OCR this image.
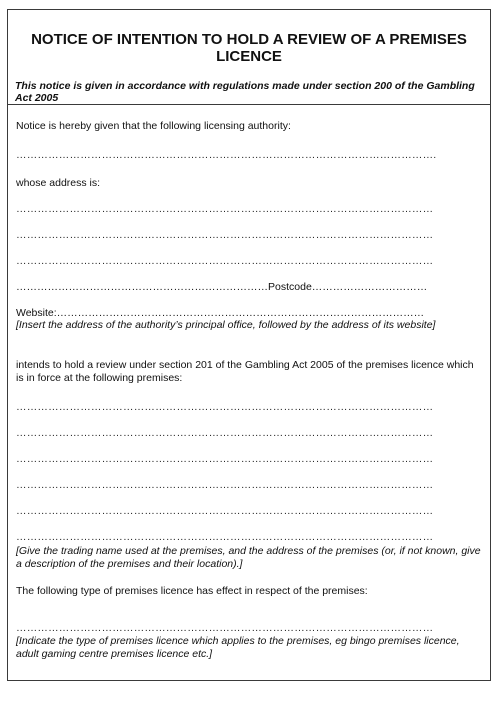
NOTICE OF INTENTION TO HOLD A REVIEW OF A PREMISES LICENCE

This notice is given in accordance with regulations made under section 200 of the Gambling Act 2005

Notice is hereby given that the following licensing authority:

……………………………………………………………………………………………………….

whose address is:

………………………………………………………………………………………………………
………………………………………………………………………………………………………
………………………………………………………………………………………………………
………………………………………………………………Postcode……………………………
Website:……………………………………………………………………………………………

[Insert the address of the authority’s principal office, followed by the address of its website]

intends to hold a review under section 201 of the Gambling Act 2005 of the premises licence which is in force at the following premises:

………………………………………………………………………………………………………
………………………………………………………………………………………………………
………………………………………………………………………………………………………
………………………………………………………………………………………………………
………………………………………………………………………………………………………
………………………………………………………………………………………………………

[Give the trading name used at the premises, and the address of the premises (or, if not known, give a description of the premises and their location).]

The following type of premises licence has effect in respect of the premises:

………………………………………………………………………………………………………

[Indicate the type of premises licence which applies to the premises, eg bingo premises licence, adult gaming centre premises licence etc.]
